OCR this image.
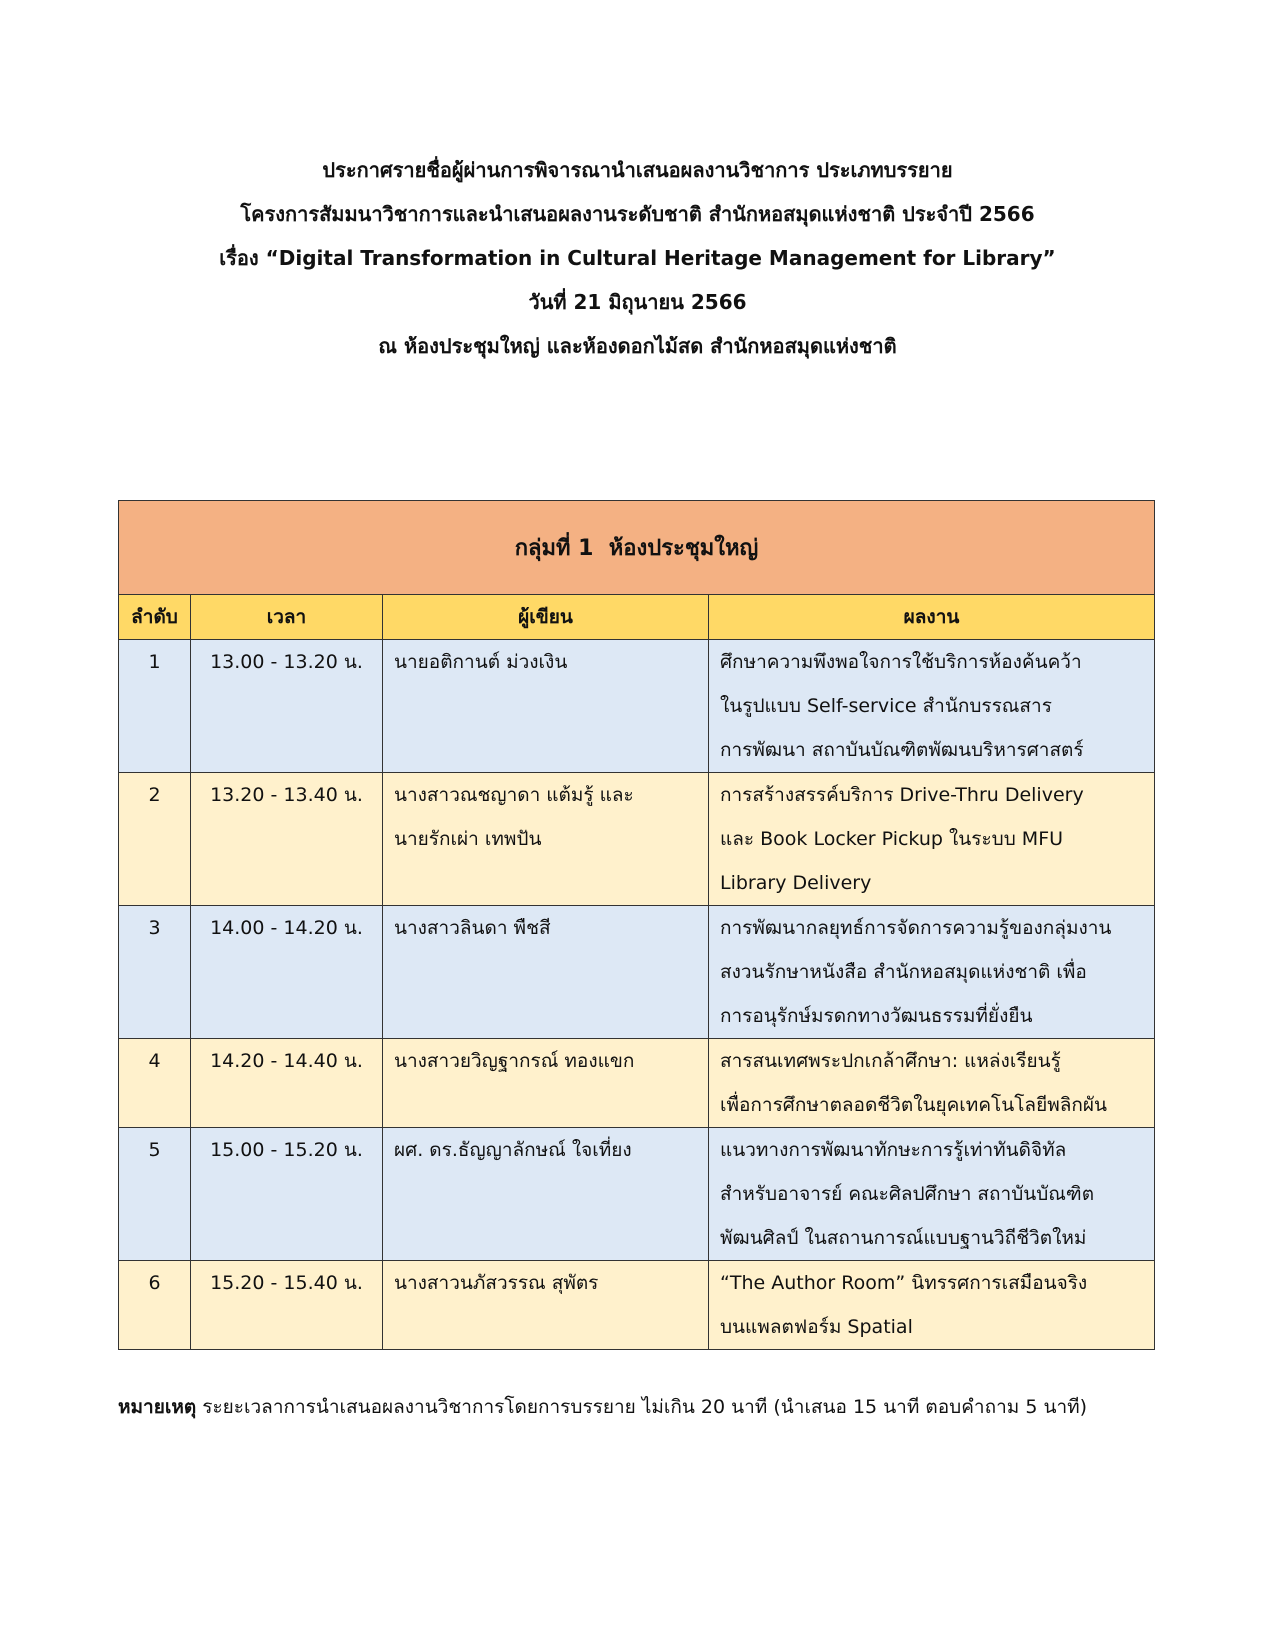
ประกาศรายชื่อผู้ผ่านการพิจารณานำเสนอผลงานวิชาการ ประเภทบรรยาย
โครงการสัมมนาวิชาการและนำเสนอผลงานระดับชาติ สำนักหอสมุดแห่งชาติ ประจำปี 2566
เรื่อง “Digital Transformation in Cultural Heritage Management for Library”
วันที่ 21 มิถุนายน 2566
ณ ห้องประชุมใหญ่ และห้องดอกไม้สด สำนักหอสมุดแห่งชาติ
กลุ่มที่ 1  ห้องประชุมใหญ่			
ลำดับ	เวลา	ผู้เขียน	ผลงาน
1	13.00 - 13.20 น.	นายอติกานต์ ม่วงเงิน	ศึกษาความพึงพอใจการใช้บริการห้องค้นคว้า
ในรูปแบบ Self-service สำนักบรรณสาร
การพัฒนา สถาบันบัณฑิตพัฒนบริหารศาสตร์

2	13.20 - 13.40 น.	นางสาวณชญาดา แต้มรู้ และ
นายรักเผ่า เทพปัน	การสร้างสรรค์บริการ Drive-Thru Delivery
และ Book Locker Pickup ในระบบ MFU
Library Delivery

3	14.00 - 14.20 น.	นางสาวลินดา พืชสี	การพัฒนากลยุทธ์การจัดการความรู้ของกลุ่มงาน
สงวนรักษาหนังสือ สำนักหอสมุดแห่งชาติ เพื่อ
การอนุรักษ์มรดกทางวัฒนธรรมที่ยั่งยืน

4	14.20 - 14.40 น.	นางสาวยวิญฐากรณ์ ทองแขก	สารสนเทศพระปกเกล้าศึกษา: แหล่งเรียนรู้
เพื่อการศึกษาตลอดชีวิตในยุคเทคโนโลยีพลิกผัน

5	15.00 - 15.20 น.	ผศ. ดร.ธัญญาลักษณ์ ใจเที่ยง	แนวทางการพัฒนาทักษะการรู้เท่าทันดิจิทัล
สำหรับอาจารย์ คณะศิลปศึกษา สถาบันบัณฑิต
พัฒนศิลป์ ในสถานการณ์แบบฐานวิถีชีวิตใหม่

6	15.20 - 15.40 น.	นางสาวนภัสวรรณ สุพัตร	“The Author Room” นิทรรศการเสมือนจริง
บนแพลตฟอร์ม Spatial
หมายเหตุ ระยะเวลาการนำเสนอผลงานวิชาการโดยการบรรยาย ไม่เกิน 20 นาที (นำเสนอ 15 นาที ตอบคำถาม 5 นาที)
